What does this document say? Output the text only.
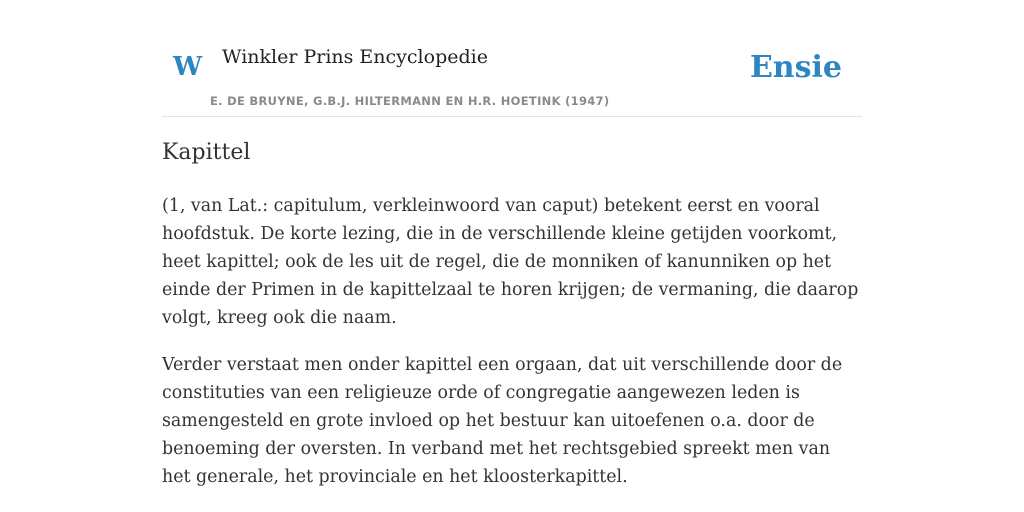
W Winkler Prins Encyclopedie	Ensie
E. DE BRUYNE, G.B.J. HILTERMANN EN H.R. HOETINK (1947)
Kapittel

(1, van Lat.: capitulum, verkleinwoord van caput) betekent eerst en vooral hoofdstuk. De korte lezing, die in de verschillende kleine getijden voorkomt, heet kapittel; ook de les uit de regel, die de monniken of kanunniken op het einde der Primen in de kapittelzaal te horen krijgen; de vermaning, die daarop volgt, kreeg ook die naam.

Verder verstaat men onder kapittel een orgaan, dat uit verschillende door de constituties van een religieuze orde of congregatie aangewezen leden is samengesteld en grote invloed op het bestuur kan uitoefenen o.a. door de benoeming der oversten. In verband met het rechtsgebied spreekt men van het generale, het provinciale en het kloosterkapittel.
